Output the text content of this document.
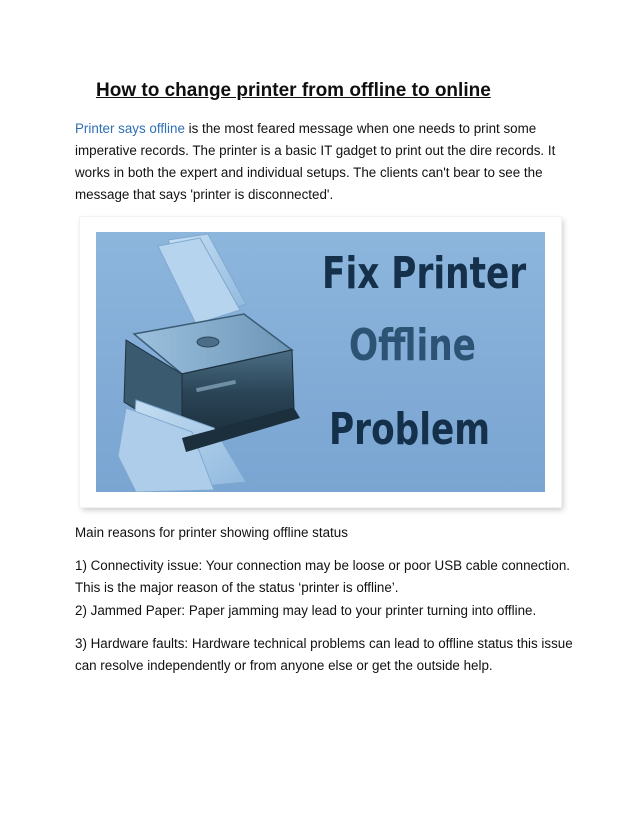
How to change printer from offline to online

Printer says offline is the most feared message when one needs to print some imperative records. The printer is a basic IT gadget to print out the dire records. It works in both the expert and individual setups. The clients can't bear to see the message that says 'printer is disconnected'.

Fix Printer
Offline
Problem

Main reasons for printer showing offline status

1) Connectivity issue: Your connection may be loose or poor USB cable connection. This is the major reason of the status ‘printer is offline’.

2) Jammed Paper: Paper jamming may lead to your printer turning into offline.

3) Hardware faults: Hardware technical problems can lead to offline status this issue can resolve independently or from anyone else or get the outside help.
